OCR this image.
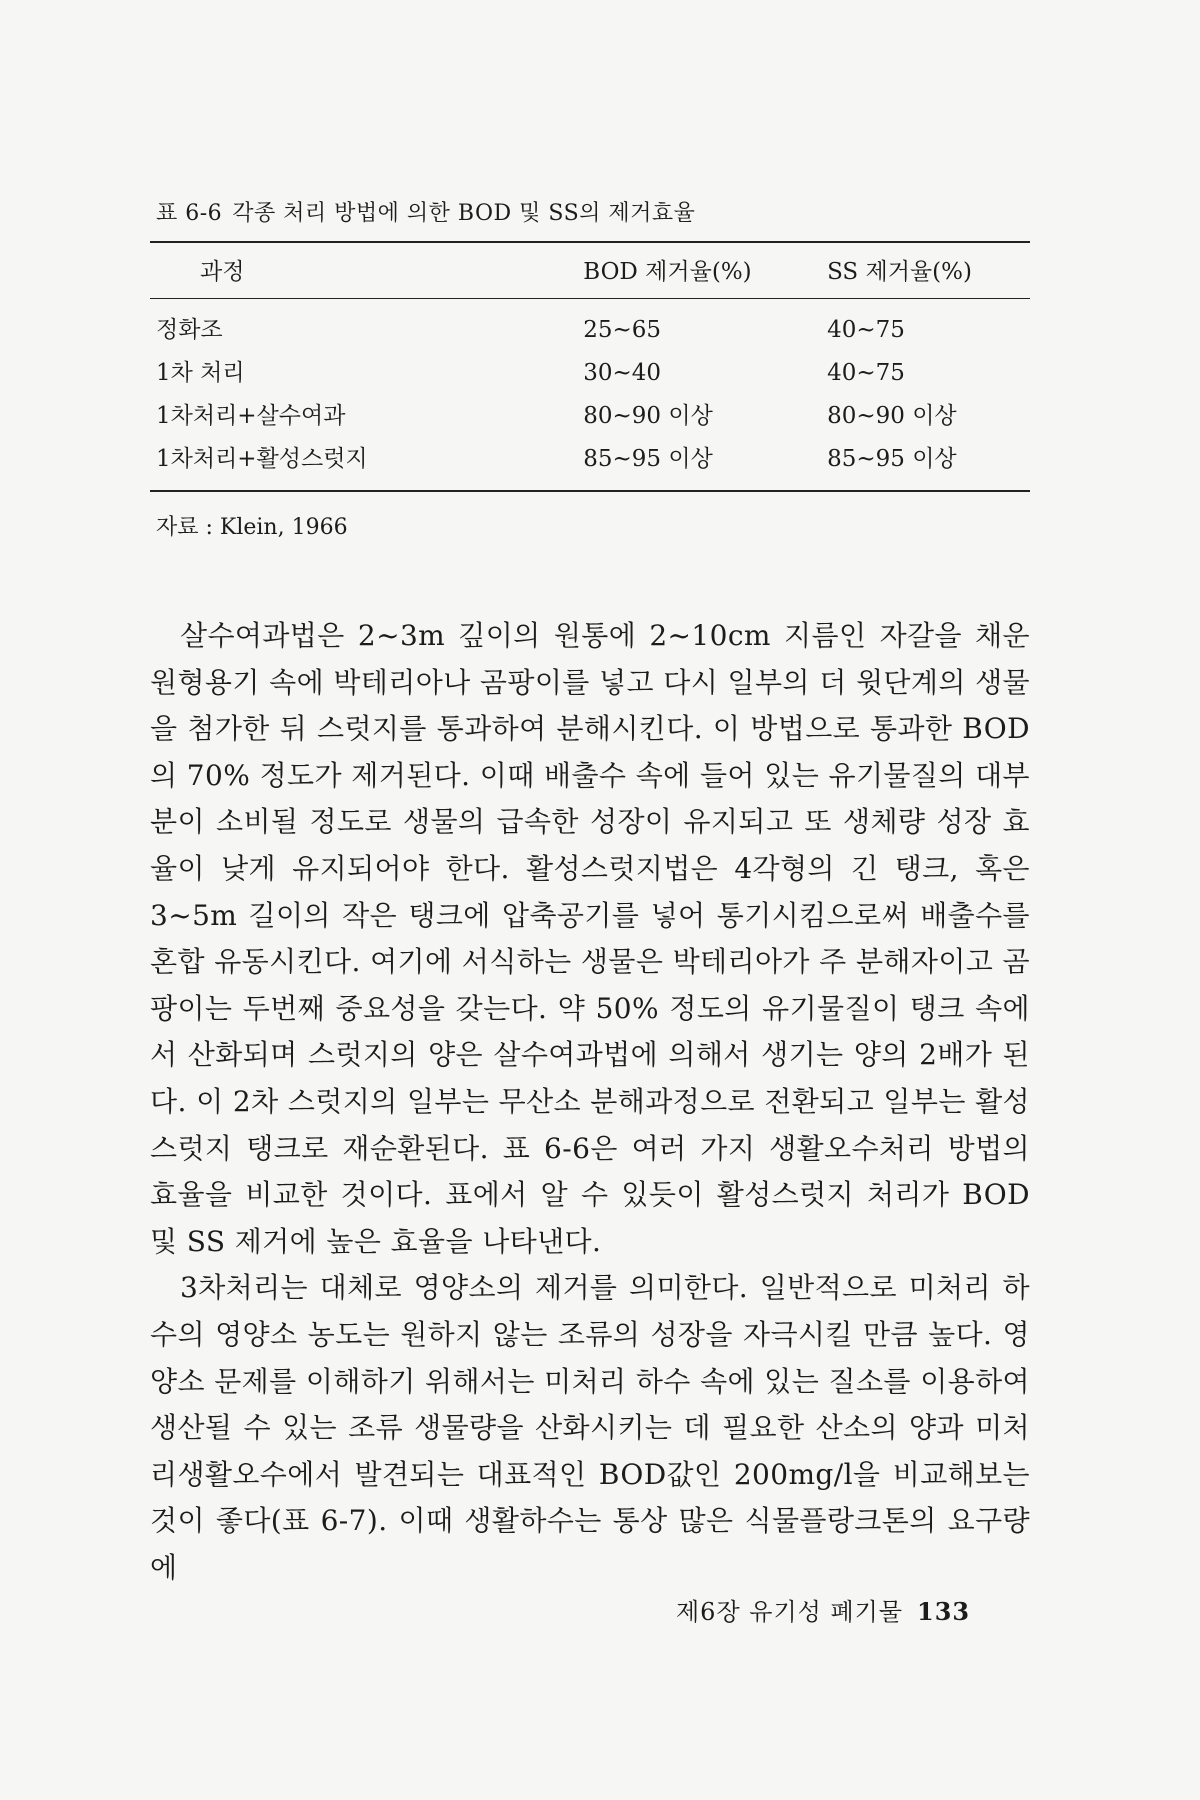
표 6-6 각종 처리 방법에 의한 BOD 및 SS의 제거효율
과정	BOD 제거율(%)	SS 제거율(%)
정화조	25~65	40~75
1차 처리	30~40	40~75
1차처리+살수여과	80~90 이상	80~90 이상
1차처리+활성스럿지	85~95 이상	85~95 이상
자료 : Klein, 1966

살수여과법은 2~3m 깊이의 원통에 2~10cm 지름인 자갈을 채운 원형용기 속에 박테리아나 곰팡이를 넣고 다시 일부의 더 윗단계의 생물을 첨가한 뒤 스럿지를 통과하여 분해시킨다. 이 방법으로 통과한 BOD의 70% 정도가 제거된다. 이때 배출수 속에 들어 있는 유기물질의 대부분이 소비될 정도로 생물의 급속한 성장이 유지되고 또 생체량 성장 효율이 낮게 유지되어야 한다. 활성스럿지법은 4각형의 긴 탱크, 혹은 3~5m 길이의 작은 탱크에 압축공기를 넣어 통기시킴으로써 배출수를 혼합 유동시킨다. 여기에 서식하는 생물은 박테리아가 주 분해자이고 곰팡이는 두번째 중요성을 갖는다. 약 50% 정도의 유기물질이 탱크 속에서 산화되며 스럿지의 양은 살수여과법에 의해서 생기는 양의 2배가 된다. 이 2차 스럿지의 일부는 무산소 분해과정으로 전환되고 일부는 활성스럿지 탱크로 재순환된다. 표 6-6은 여러 가지 생활오수처리 방법의 효율을 비교한 것이다. 표에서 알 수 있듯이 활성스럿지 처리가 BOD 및 SS 제거에 높은 효율을 나타낸다.

3차처리는 대체로 영양소의 제거를 의미한다. 일반적으로 미처리 하수의 영양소 농도는 원하지 않는 조류의 성장을 자극시킬 만큼 높다. 영양소 문제를 이해하기 위해서는 미처리 하수 속에 있는 질소를 이용하여 생산될 수 있는 조류 생물량을 산화시키는 데 필요한 산소의 양과 미처리생활오수에서 발견되는 대표적인 BOD값인 200mg/l을 비교해보는 것이 좋다(표 6-7). 이때 생활하수는 통상 많은 식물플랑크톤의 요구량에

제6장 유기성 폐기물 133
